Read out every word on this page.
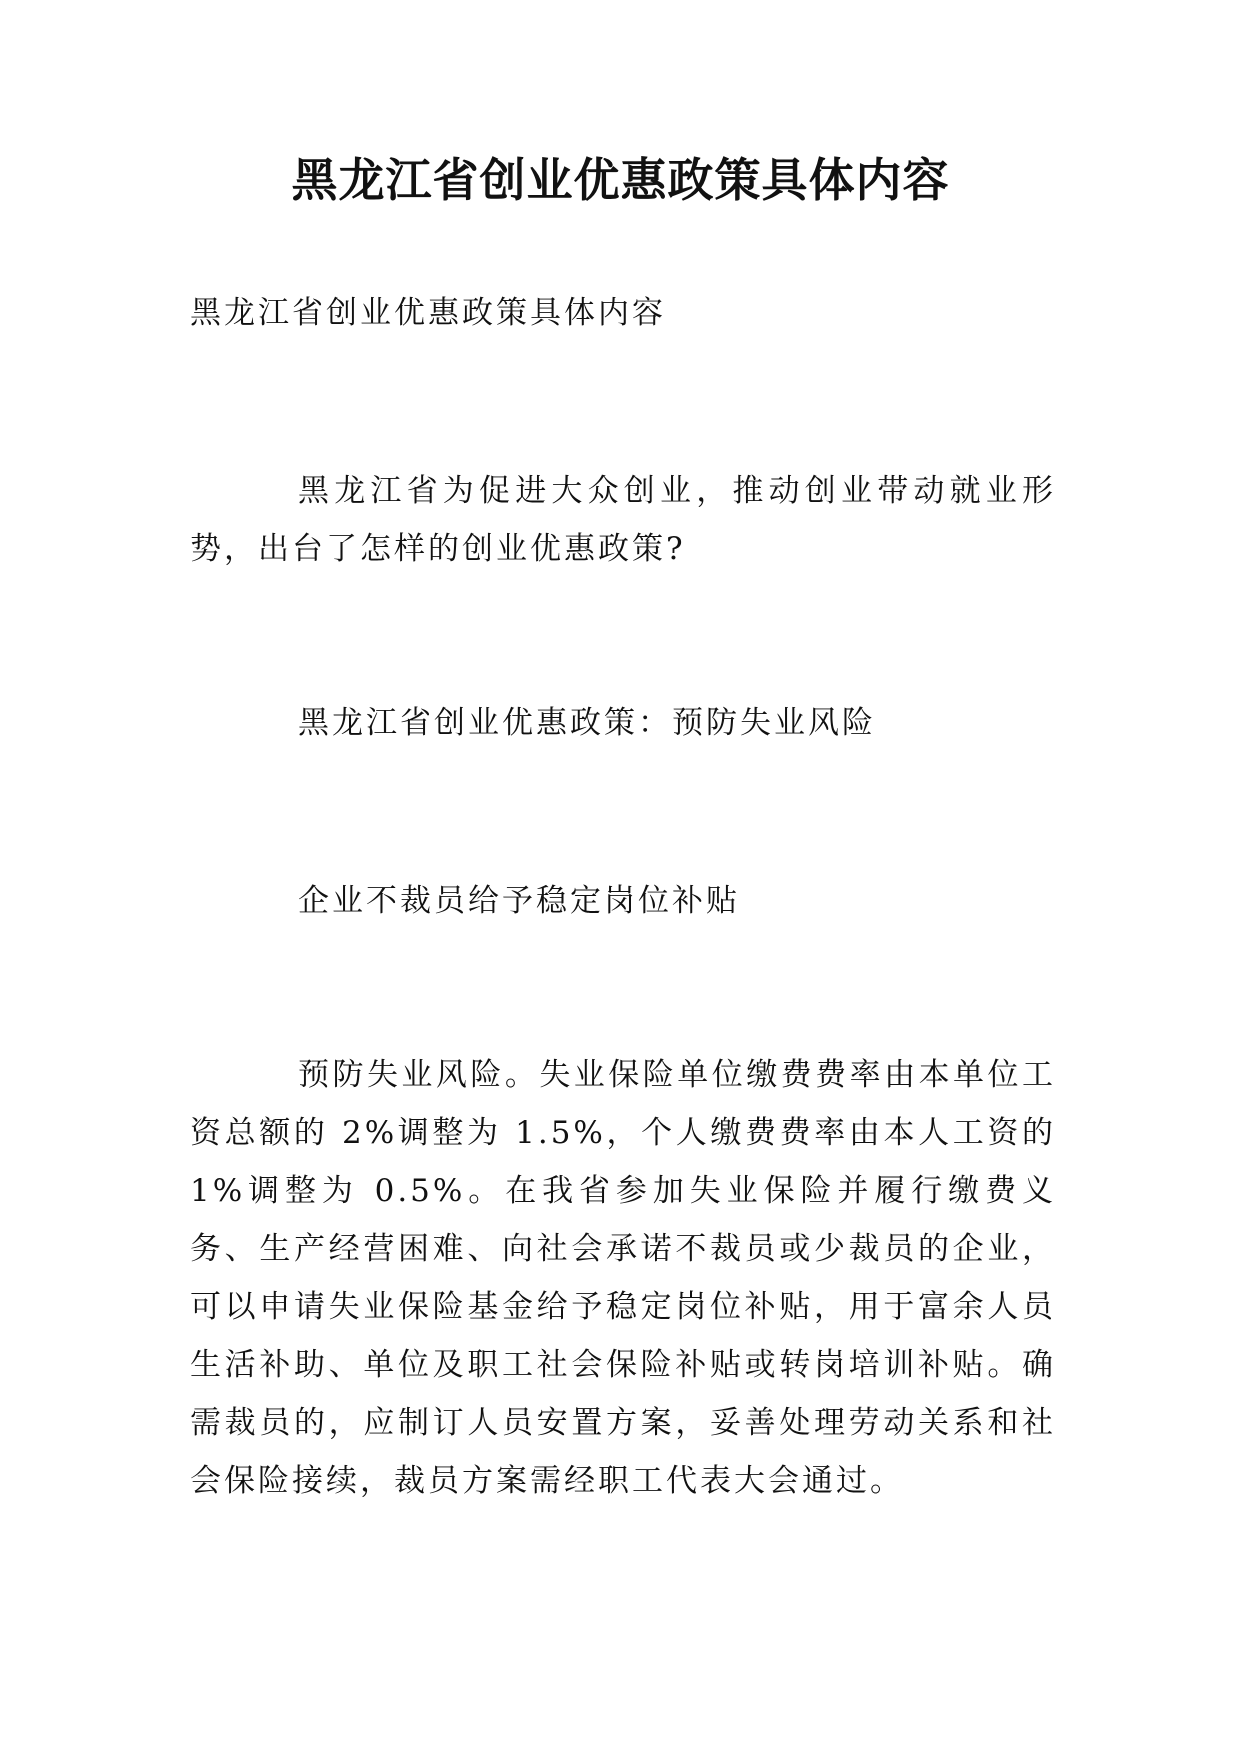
黑龙江省创业优惠政策具体内容

黑龙江省创业优惠政策具体内容

黑龙江省为促进大众创业，推动创业带动就业形势，出台了怎样的创业优惠政策?

黑龙江省创业优惠政策：预防失业风险

企业不裁员给予稳定岗位补贴

预防失业风险。失业保险单位缴费费率由本单位工资总额的 2%调整为 1.5%，个人缴费费率由本人工资的 1%调整为 0.5%。在我省参加失业保险并履行缴费义务、生产经营困难、向社会承诺不裁员或少裁员的企业，可以申请失业保险基金给予稳定岗位补贴，用于富余人员生活补助、单位及职工社会保险补贴或转岗培训补贴。确需裁员的，应制订人员安置方案，妥善处理劳动关系和社会保险接续，裁员方案需经职工代表大会通过。
